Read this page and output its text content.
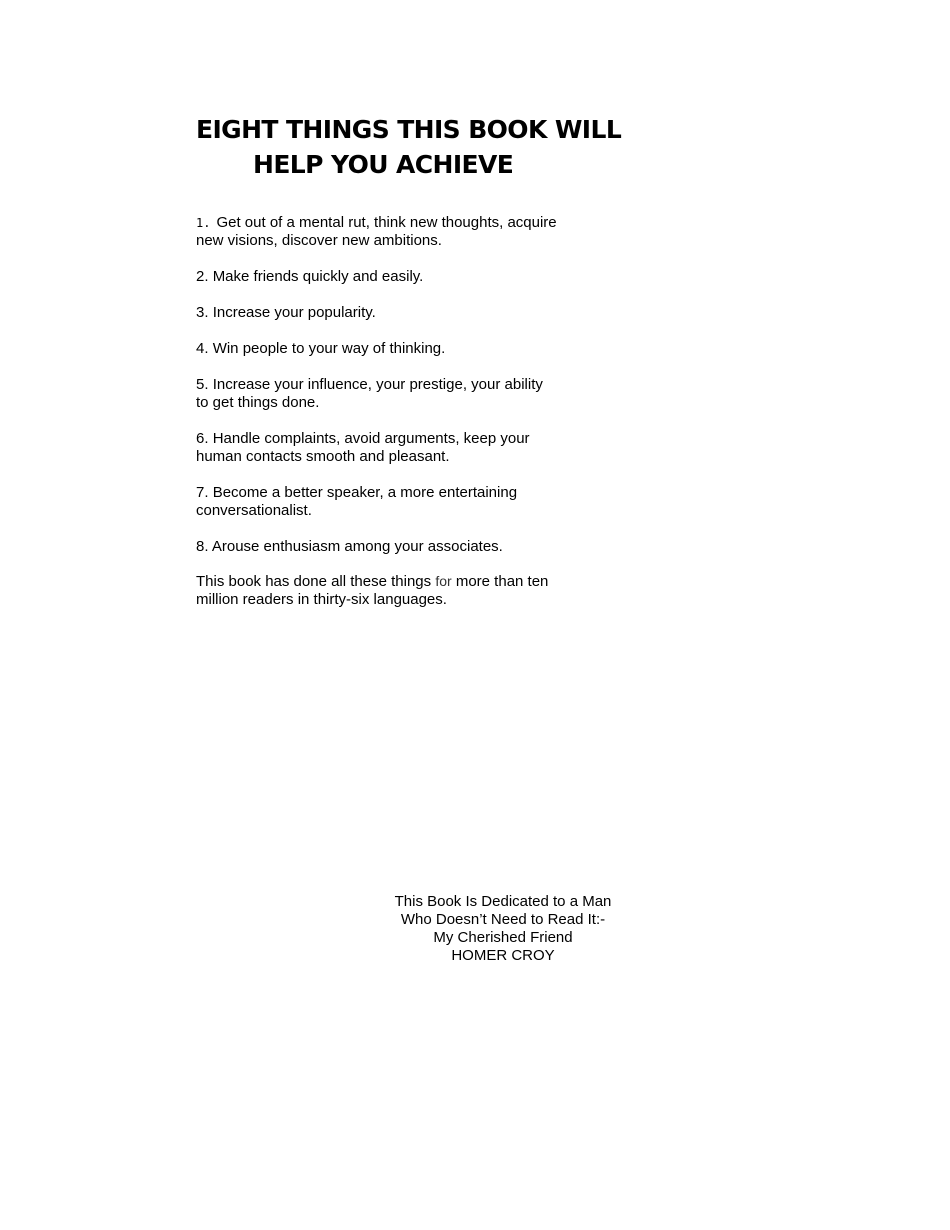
EIGHT THINGS THIS BOOK WILL
HELP YOU ACHIEVE
1. Get out of a mental rut, think new thoughts, acquire
new visions, discover new ambitions.
2. Make friends quickly and easily.
3. Increase your popularity.
4. Win people to your way of thinking.
5. Increase your influence, your prestige, your ability
to get things done.
6. Handle complaints, avoid arguments, keep your
human contacts smooth and pleasant.
7. Become a better speaker, a more entertaining
conversationalist.
8. Arouse enthusiasm among your associates.

This book has done all these things for more than ten
million readers in thirty-six languages.

This Book Is Dedicated to a Man
Who Doesn’t Need to Read It:-
My Cherished Friend
HOMER CROY
